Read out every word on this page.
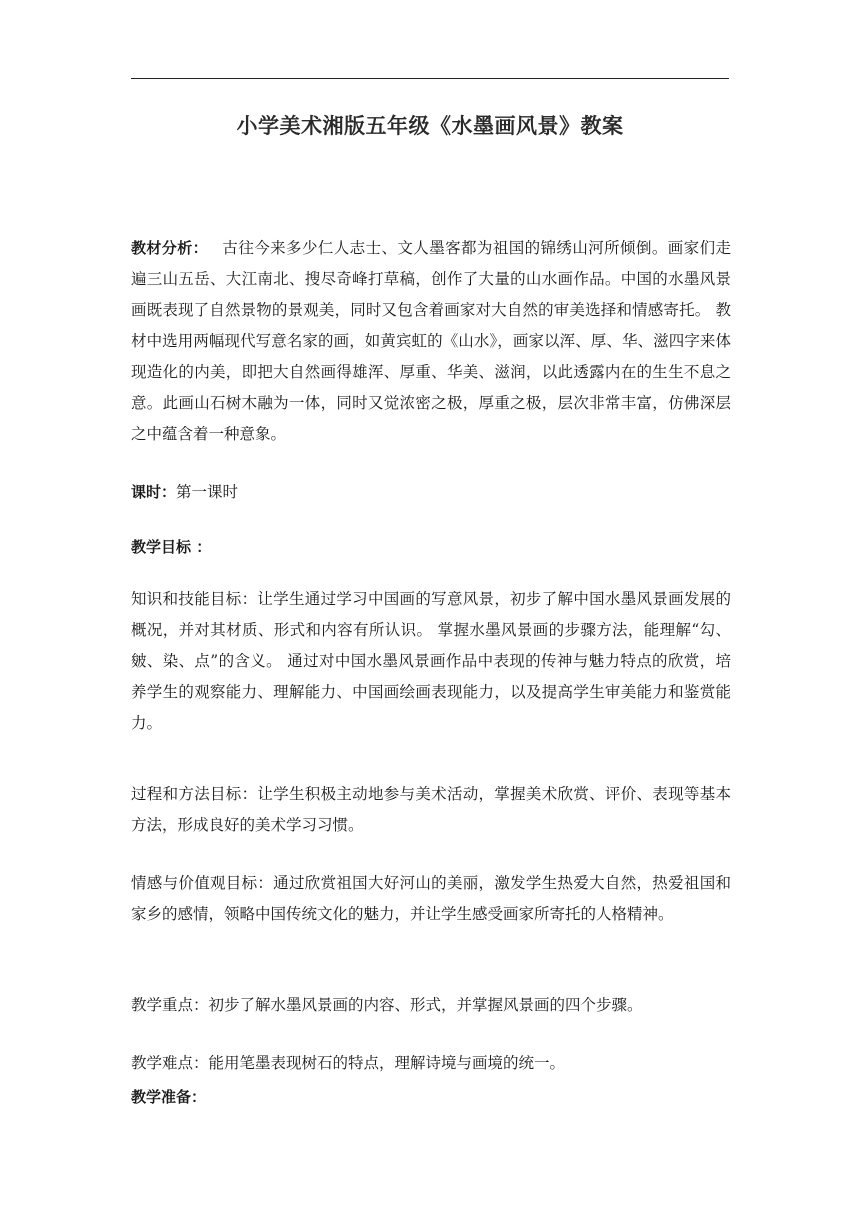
小学美术湘版五年级《水墨画风景》教案

教材分析： 古往今来多少仁人志士、文人墨客都为祖国的锦绣山河所倾倒。画家们走遍三山五岳、大江南北、搜尽奇峰打草稿，创作了大量的山水画作品。中国的水墨风景画既表现了自然景物的景观美，同时又包含着画家对大自然的审美选择和情感寄托。 教材中选用两幅现代写意名家的画，如黄宾虹的《山水》，画家以浑、厚、华、滋四字来体现造化的内美，即把大自然画得雄浑、厚重、华美、滋润，以此透露内在的生生不息之意。此画山石树木融为一体，同时又觉浓密之极，厚重之极，层次非常丰富，仿佛深层之中蕴含着一种意象。

课时：第一课时

教学目标 ：

知识和技能目标：让学生通过学习中国画的写意风景，初步了解中国水墨风景画发展的概况，并对其材质、形式和内容有所认识。 掌握水墨风景画的步骤方法，能理解“勾、皴、染、点”的含义。 通过对中国水墨风景画作品中表现的传神与魅力特点的欣赏，培养学生的观察能力、理解能力、中国画绘画表现能力，以及提高学生审美能力和鉴赏能力。

过程和方法目标：让学生积极主动地参与美术活动，掌握美术欣赏、评价、表现等基本方法，形成良好的美术学习习惯。

情感与价值观目标：通过欣赏祖国大好河山的美丽，激发学生热爱大自然，热爱祖国和家乡的感情，领略中国传统文化的魅力，并让学生感受画家所寄托的人格精神。

教学重点：初步了解水墨风景画的内容、形式，并掌握风景画的四个步骤。

教学难点：能用笔墨表现树石的特点，理解诗境与画境的统一。

教学准备：
